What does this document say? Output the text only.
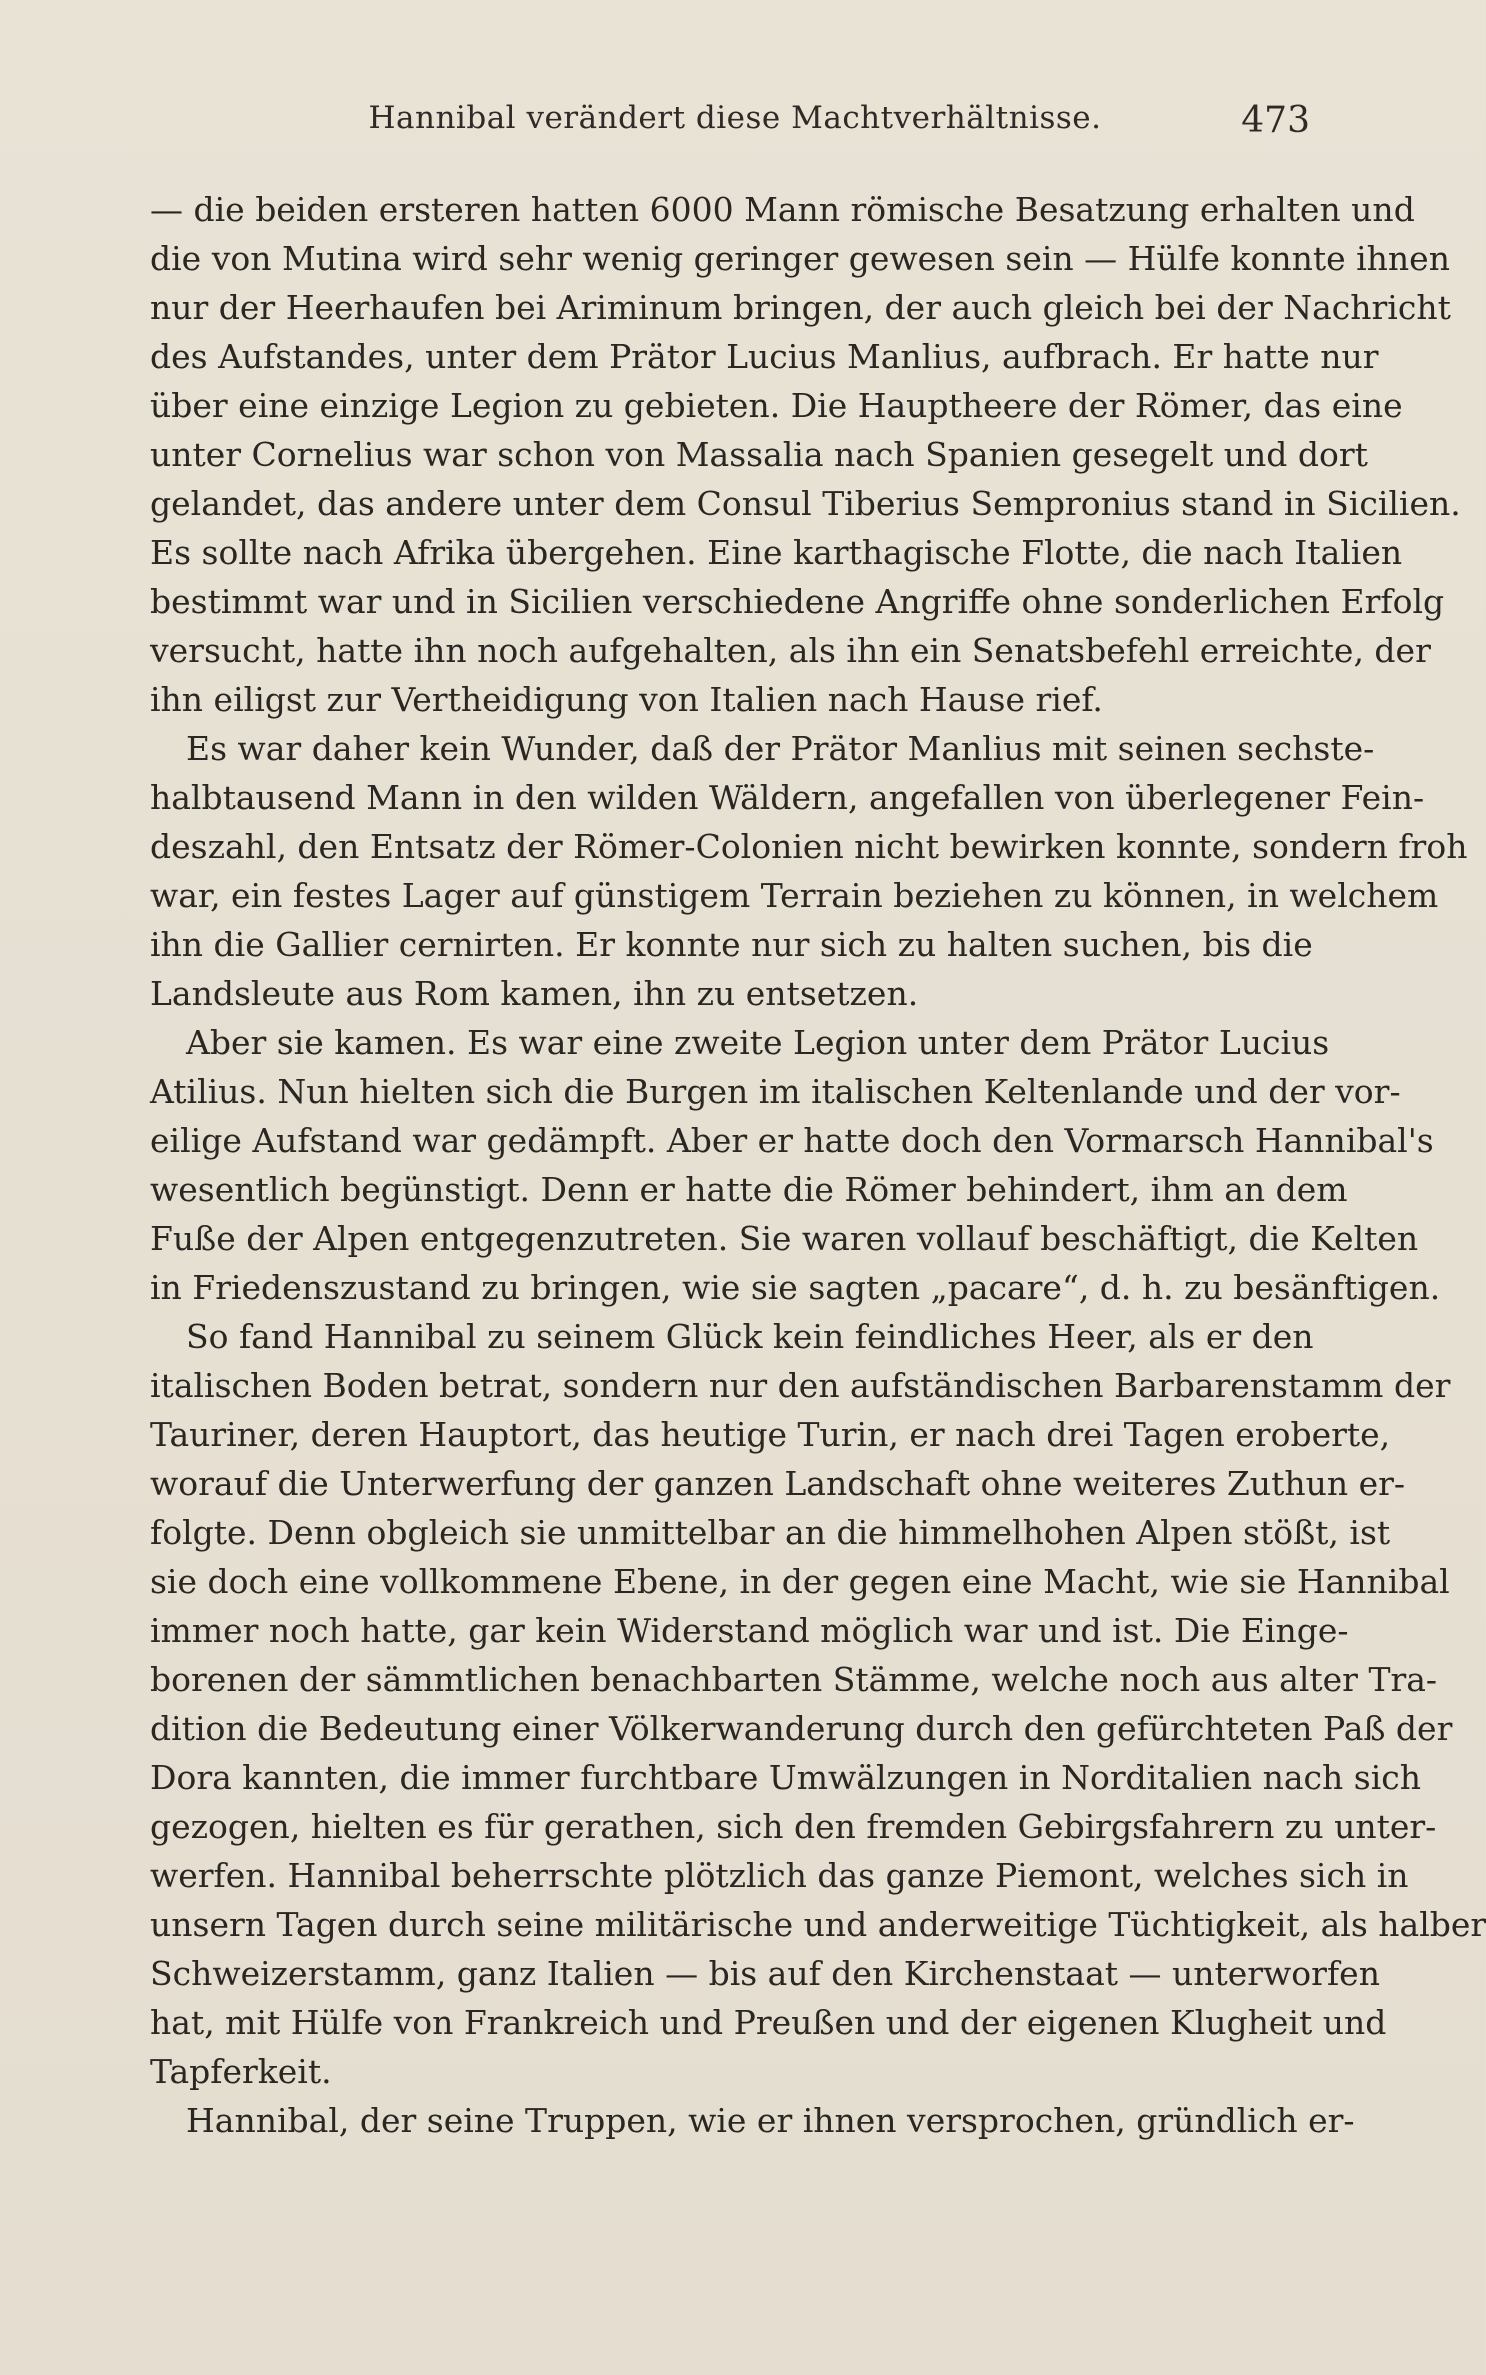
Hannibal verändert diese Machtverhältnisse.	473
— die beiden ersteren hatten 6000 Mann römische Besatzung erhalten und
die von Mutina wird sehr wenig geringer gewesen sein — Hülfe konnte ihnen
nur der Heerhaufen bei Ariminum bringen, der auch gleich bei der Nachricht
des Aufstandes, unter dem Prätor Lucius Manlius, aufbrach. Er hatte nur
über eine einzige Legion zu gebieten. Die Hauptheere der Römer, das eine
unter Cornelius war schon von Massalia nach Spanien gesegelt und dort
gelandet, das andere unter dem Consul Tiberius Sempronius stand in Sicilien.
Es sollte nach Afrika übergehen. Eine karthagische Flotte, die nach Italien
bestimmt war und in Sicilien verschiedene Angriffe ohne sonderlichen Erfolg
versucht, hatte ihn noch aufgehalten, als ihn ein Senatsbefehl erreichte, der
ihn eiligst zur Vertheidigung von Italien nach Hause rief.
Es war daher kein Wunder, daß der Prätor Manlius mit seinen sechste-
halbtausend Mann in den wilden Wäldern, angefallen von überlegener Fein-
deszahl, den Entsatz der Römer-Colonien nicht bewirken konnte, sondern froh
war, ein festes Lager auf günstigem Terrain beziehen zu können, in welchem
ihn die Gallier cernirten. Er konnte nur sich zu halten suchen, bis die
Landsleute aus Rom kamen, ihn zu entsetzen.
Aber sie kamen. Es war eine zweite Legion unter dem Prätor Lucius
Atilius. Nun hielten sich die Burgen im italischen Keltenlande und der vor-
eilige Aufstand war gedämpft. Aber er hatte doch den Vormarsch Hannibal's
wesentlich begünstigt. Denn er hatte die Römer behindert, ihm an dem
Fuße der Alpen entgegenzutreten. Sie waren vollauf beschäftigt, die Kelten
in Friedenszustand zu bringen, wie sie sagten „pacare“, d. h. zu besänftigen.
So fand Hannibal zu seinem Glück kein feindliches Heer, als er den
italischen Boden betrat, sondern nur den aufständischen Barbarenstamm der
Tauriner, deren Hauptort, das heutige Turin, er nach drei Tagen eroberte,
worauf die Unterwerfung der ganzen Landschaft ohne weiteres Zuthun er-
folgte. Denn obgleich sie unmittelbar an die himmelhohen Alpen stößt, ist
sie doch eine vollkommene Ebene, in der gegen eine Macht, wie sie Hannibal
immer noch hatte, gar kein Widerstand möglich war und ist. Die Einge-
borenen der sämmtlichen benachbarten Stämme, welche noch aus alter Tra-
dition die Bedeutung einer Völkerwanderung durch den gefürchteten Paß der
Dora kannten, die immer furchtbare Umwälzungen in Norditalien nach sich
gezogen, hielten es für gerathen, sich den fremden Gebirgsfahrern zu unter-
werfen. Hannibal beherrschte plötzlich das ganze Piemont, welches sich in
unsern Tagen durch seine militärische und anderweitige Tüchtigkeit, als halber
Schweizerstamm, ganz Italien — bis auf den Kirchenstaat — unterworfen
hat, mit Hülfe von Frankreich und Preußen und der eigenen Klugheit und
Tapferkeit.
Hannibal, der seine Truppen, wie er ihnen versprochen, gründlich er-
